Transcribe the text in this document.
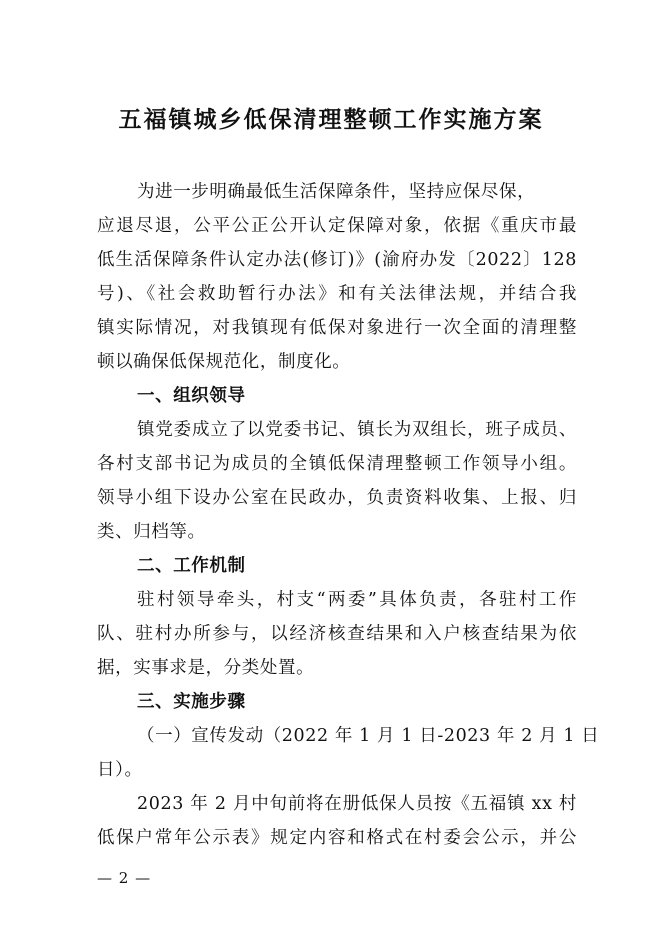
五福镇城乡低保清理整顿工作实施方案
为进一步明确最低生活保障条件，坚持应保尽保，
应退尽退，公平公正公开认定保障对象，依据《重庆市最
低生活保障条件认定办法(修订)》(渝府办发〔2022〕128
号)、《社会救助暂行办法》和有关法律法规，并结合我
镇实际情况，对我镇现有低保对象进行一次全面的清理整
顿以确保低保规范化，制度化。
一、组织领导
镇党委成立了以党委书记、镇长为双组长，班子成员、
各村支部书记为成员的全镇低保清理整顿工作领导小组。
领导小组下设办公室在民政办，负责资料收集、上报、归
类、归档等。
二、工作机制
驻村领导牵头，村支“两委”具体负责，各驻村工作
队、驻村办所参与，以经济核查结果和入户核查结果为依
据，实事求是，分类处置。
三、实施步骤
（一）宣传发动（2022 年 1 月 1 日-2023 年 2 月 1 日
日）。
2023 年 2 月中旬前将在册低保人员按《五福镇 xx 村
低保户常年公示表》规定内容和格式在村委会公示，并公
— 2 —
